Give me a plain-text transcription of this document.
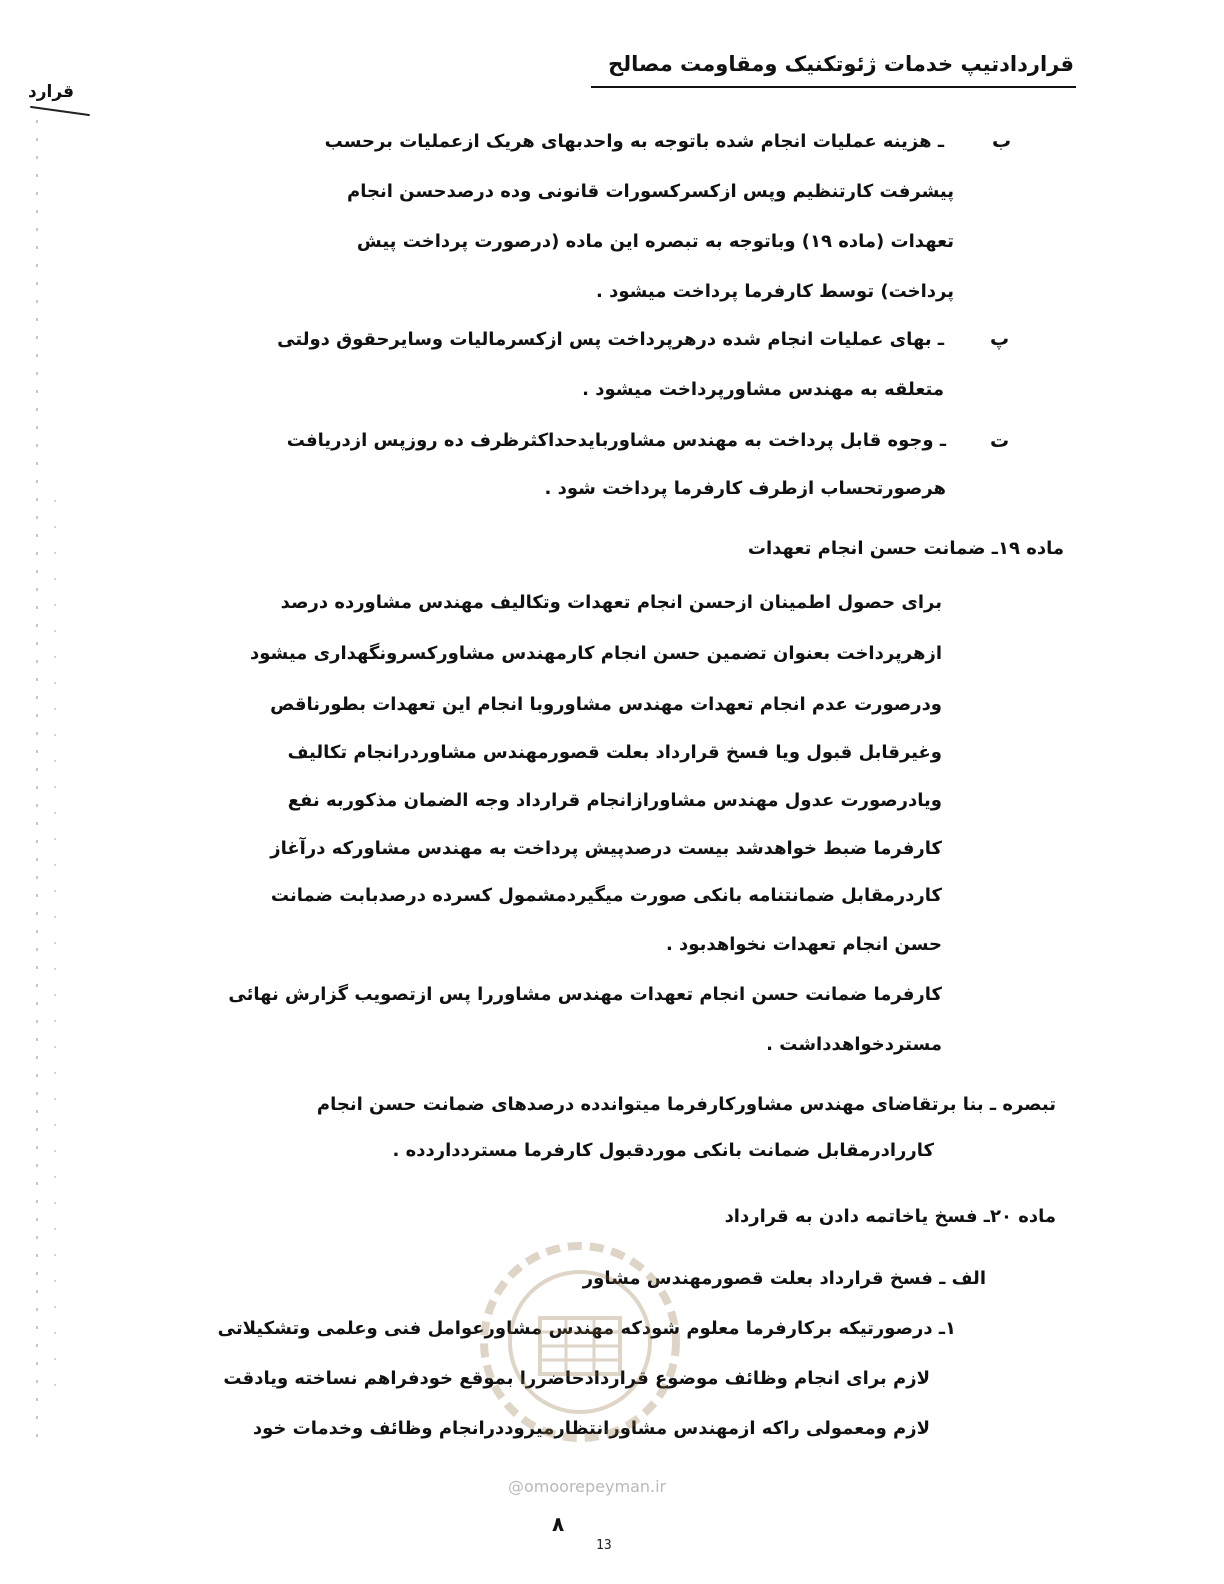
قرارد
قراردادتیپ خدمات ژئوتکنیک ومقاومت مصالح
ب
ـ هزینه عملیات انجام شده باتوجه به واحدبهای هریک ازعملیات برحسب
پیشرفت کارتنظیم وپس ازکسرکسورات قانونی وده درصدحسن انجام
تعهدات (ماده ۱۹) وباتوجه به تبصره این ماده (درصورت پرداخت پیش
پرداخت) توسط کارفرما پرداخت میشود .
پ
ـ بهای عملیات انجام شده درهرپرداخت پس ازکسرمالیات وسایرحقوق دولتی
متعلقه به مهندس مشاورپرداخت میشود .
ت
ـ وجوه قابل پرداخت به مهندس مشاوربایدحداکثرظرف ده روزپس ازدریافت
هرصورتحساب ازطرف کارفرما پرداخت شود .
ماده ۱۹ـ ضمانت حسن انجام تعهدات
برای حصول اطمینان ازحسن انجام تعهدات وتکالیف مهندس مشاورده درصد
ازهرپرداخت بعنوان تضمین حسن انجام کارمهندس مشاورکسرونگهداری میشود
ودرصورت عدم انجام تعهدات مهندس مشاوروبا انجام این تعهدات بطورناقص
وغیرقابل قبول ویا فسخ قرارداد بعلت قصورمهندس مشاوردرانجام تکالیف
ویادرصورت عدول مهندس مشاورازانجام قرارداد وجه الضمان مذکوربه نفع
کارفرما ضبط خواهدشد بیست درصدپیش پرداخت به مهندس مشاورکه درآغاز
کاردرمقابل ضمانتنامه بانکی صورت میگیردمشمول کسرده درصدبابت ضمانت
حسن انجام تعهدات نخواهدبود .
کارفرما ضمانت حسن انجام تعهدات مهندس مشاوررا پس ازتصویب گزارش نهائی
مستردخواهدداشت .
تبصره ـ بنا برتقاضای مهندس مشاورکارفرما میتواندده درصدهای ضمانت حسن انجام
کاررادرمقابل ضمانت بانکی موردقبول کارفرما مستردداردده .
ماده ۲۰ـ فسخ یاخاتمه دادن به قرارداد
الف ـ فسخ قرارداد بعلت قصورمهندس مشاور
۱ـ درصورتیکه برکارفرما معلوم شودکه مهندس مشاورعوامل فنی وعلمی وتشکیلاتی
لازم برای انجام وظائف موضوع قراردادحاضررا بموقع خودفراهم نساخته ویادقت
لازم ومعمولی راکه ازمهندس مشاورانتظارمیروددرانجام وظائف وخدمات خود
@omoorepeyman.ir
۸
13
